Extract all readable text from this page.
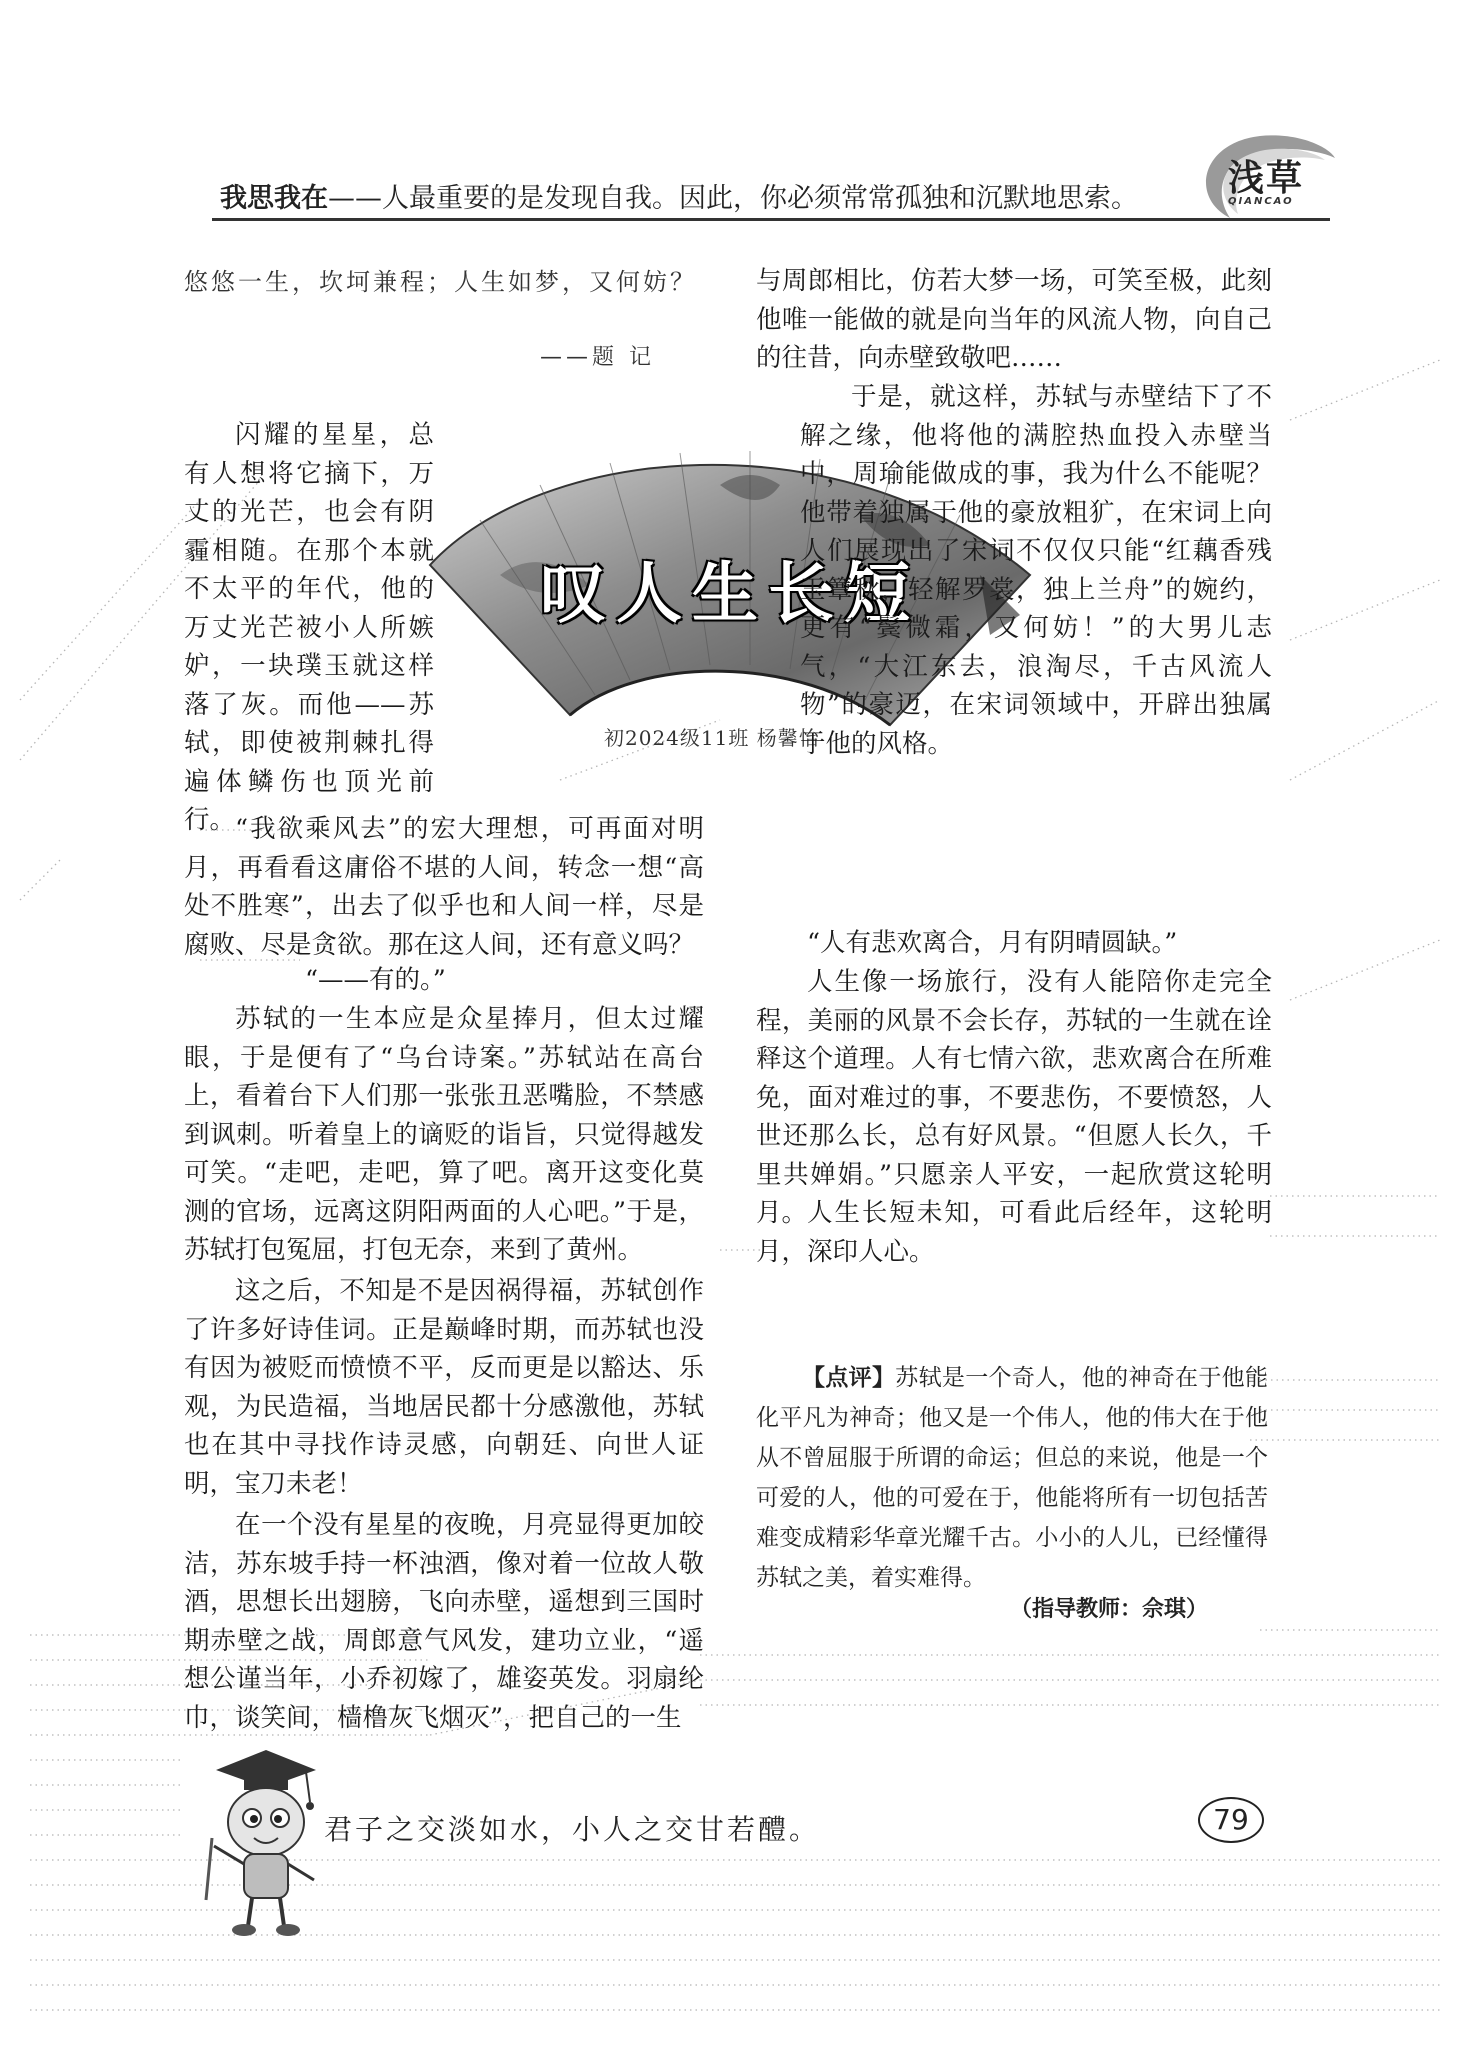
我思我在——人最重要的是发现自我。因此，你必须常常孤独和沉默地思索。	浅草
QIANCAO

悠悠一生，坎坷兼程；人生如梦，又何妨？

——题 记
叹人生长短
初2024级11班 杨馨怡

闪耀的星星，总有人想将它摘下，万丈的光芒，也会有阴霾相随。在那个本就不太平的年代，他的万丈光芒被小人所嫉妒，一块璞玉就这样落了灰。而他——苏轼，即使被荆棘扎得遍体鳞伤也顶光前行。 “我欲乘风去”的宏大理想，可再面对明月，再看看这庸俗不堪的人间，转念一想“高处不胜寒”，出去了似乎也和人间一样，尽是腐败、尽是贪欲。那在这人间，还有意义吗？

“——有的。”

苏轼的一生本应是众星捧月，但太过耀眼，于是便有了“乌台诗案。”苏轼站在高台上，看着台下人们那一张张丑恶嘴脸，不禁感到讽刺。听着皇上的谪贬的诣旨，只觉得越发可笑。“走吧，走吧，算了吧。离开这变化莫测的官场，远离这阴阳两面的人心吧。”于是，苏轼打包冤屈，打包无奈，来到了黄州。

这之后，不知是不是因祸得福，苏轼创作了许多好诗佳词。正是巅峰时期，而苏轼也没有因为被贬而愤愤不平，反而更是以豁达、乐观，为民造福，当地居民都十分感激他，苏轼也在其中寻找作诗灵感，向朝廷、向世人证明，宝刀未老！

在一个没有星星的夜晚，月亮显得更加皎洁，苏东坡手持一杯浊酒，像对着一位故人敬酒，思想长出翅膀，飞向赤壁，遥想到三国时期赤壁之战，周郎意气风发，建功立业，“遥想公谨当年，小乔初嫁了，雄姿英发。羽扇纶巾，谈笑间，樯橹灰飞烟灭”，把自己的一生

与周郎相比，仿若大梦一场，可笑至极，此刻他唯一能做的就是向当年的风流人物，向自己的往昔，向赤壁致敬吧……

于是，就这样，苏轼与赤壁结下了不解之缘，他将他的满腔热血投入赤壁当中，周瑜能做成的事，我为什么不能呢？他带着独属于他的豪放粗犷，在宋词上向人们展现出了宋词不仅仅只能“红藕香残玉簟秋，轻解罗裳，独上兰舟”的婉约，更有“鬓微霜，又何妨！”的大男儿志气，“大江东去，浪淘尽，千古风流人物”的豪迈，在宋词领域中，开辟出独属于他的风格。

“人有悲欢离合，月有阴晴圆缺。”

人生像一场旅行，没有人能陪你走完全程，美丽的风景不会长存，苏轼的一生就在诠释这个道理。人有七情六欲，悲欢离合在所难免，面对难过的事，不要悲伤，不要愤怒，人世还那么长，总有好风景。“但愿人长久，千里共婵娟。”只愿亲人平安，一起欣赏这轮明月。 人生长短未知，可看此后经年，这轮明月，深印人心。

【点评】苏轼是一个奇人，他的神奇在于他能化平凡为神奇；他又是一个伟人，他的伟大在于他从不曾屈服于所谓的命运；但总的来说，他是一个可爱的人，他的可爱在于，他能将所有一切包括苦难变成精彩华章光耀千古。小小的人儿，已经懂得苏轼之美，着实难得。

（指导教师：佘琪）
君子之交淡如水，小人之交甘若醴。	79
